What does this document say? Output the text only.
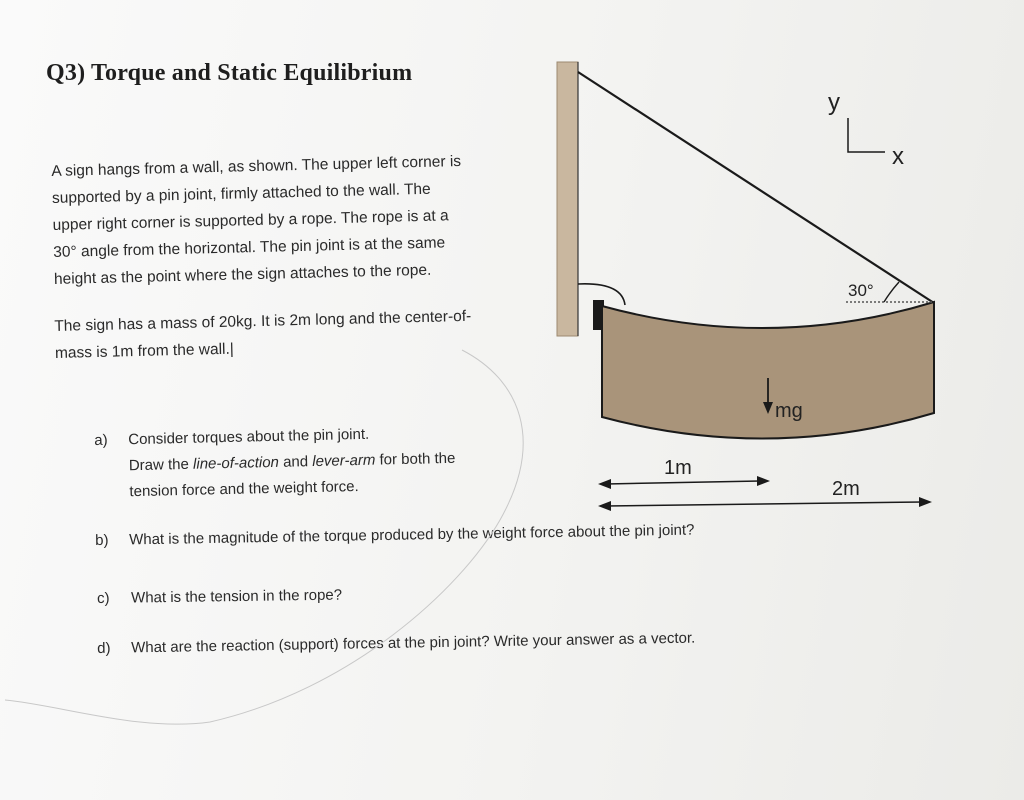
Q3) Torque and Static Equilibrium

A sign hangs from a wall, as shown. The upper left corner is

supported by a pin joint, firmly attached to the wall. The

upper right corner is supported by a rope. The rope is at a

30° angle from the horizontal. The pin joint is at the same

height as the point where the sign attaches to the rope.

The sign has a mass of 20kg. It is 2m long and the center-of-

mass is 1m from the wall.|

a) Consider torques about the pin joint.
Draw the line-of-action and lever-arm for both the
tension force and the weight force.
b) What is the magnitude of the torque produced by the weight force about the pin joint?
c) What is the tension in the rope?
d) What are the reaction (support) forces at the pin joint? Write your answer as a vector.
30°
y
x
mg
1m
2m
